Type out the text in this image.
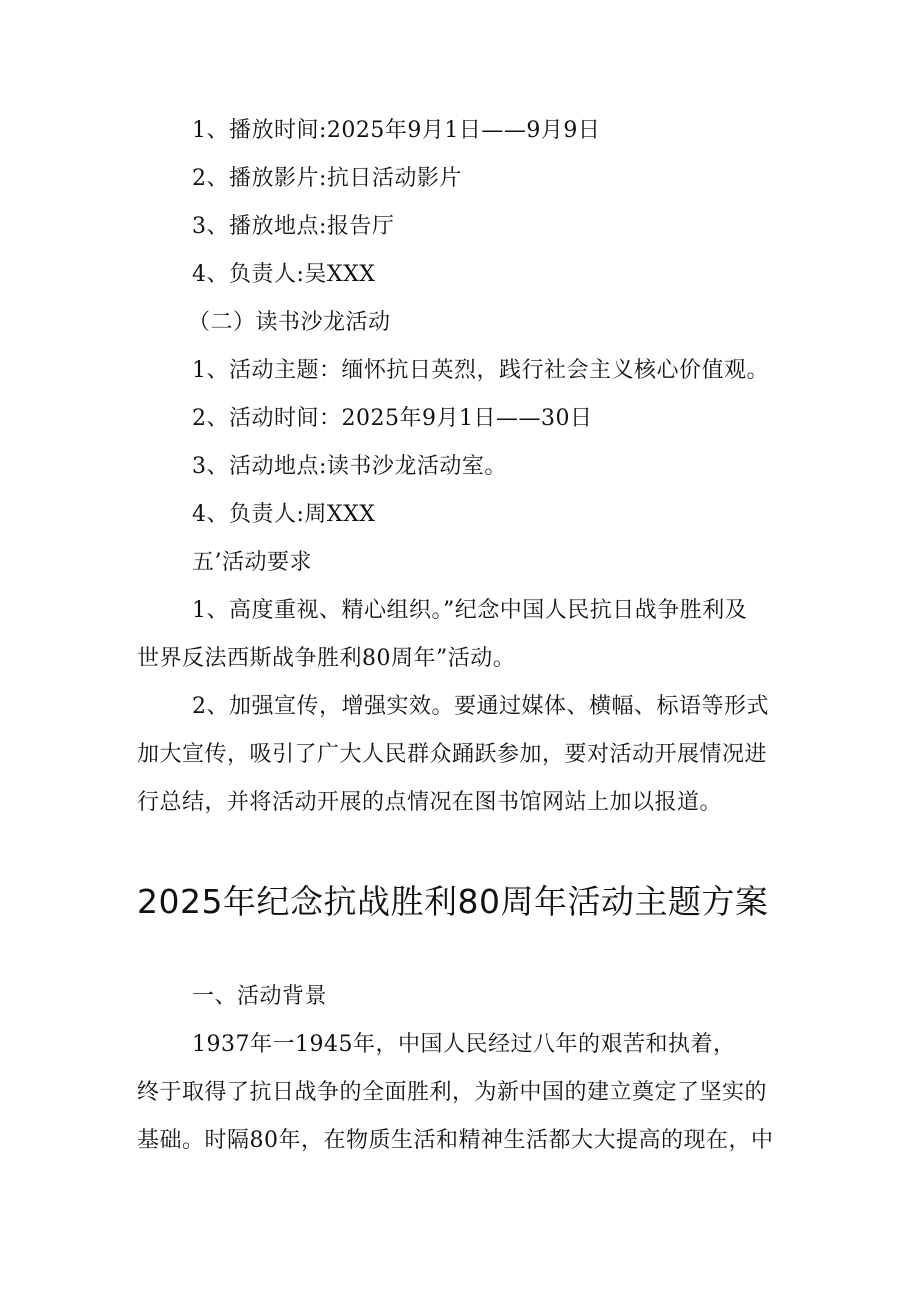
1、播放时间:2025年9月1日——9月9日
2、播放影片:抗日活动影片
3、播放地点:报告厅
4、负责人:吴XXX
（二）读书沙龙活动
1、活动主题：缅怀抗日英烈，践行社会主义核心价值观。
2、活动时间：2025年9月1日——30日
3、活动地点:读书沙龙活动室。
4、负责人:周XXX
五’活动要求
1、高度重视、精心组织。”纪念中国人民抗日战争胜利及
世界反法西斯战争胜利80周年”活动。
2、加强宣传，增强实效。要通过媒体、横幅、标语等形式
加大宣传，吸引了广大人民群众踊跃参加，要对活动开展情况进
行总结，并将活动开展的点情况在图书馆网站上加以报道。
2025年纪念抗战胜利80周年活动主题方案
一、活动背景
1937年一1945年，中国人民经过八年的艰苦和执着，
终于取得了抗日战争的全面胜利，为新中国的建立奠定了坚实的
基础。时隔80年，在物质生活和精神生活都大大提高的现在，中
